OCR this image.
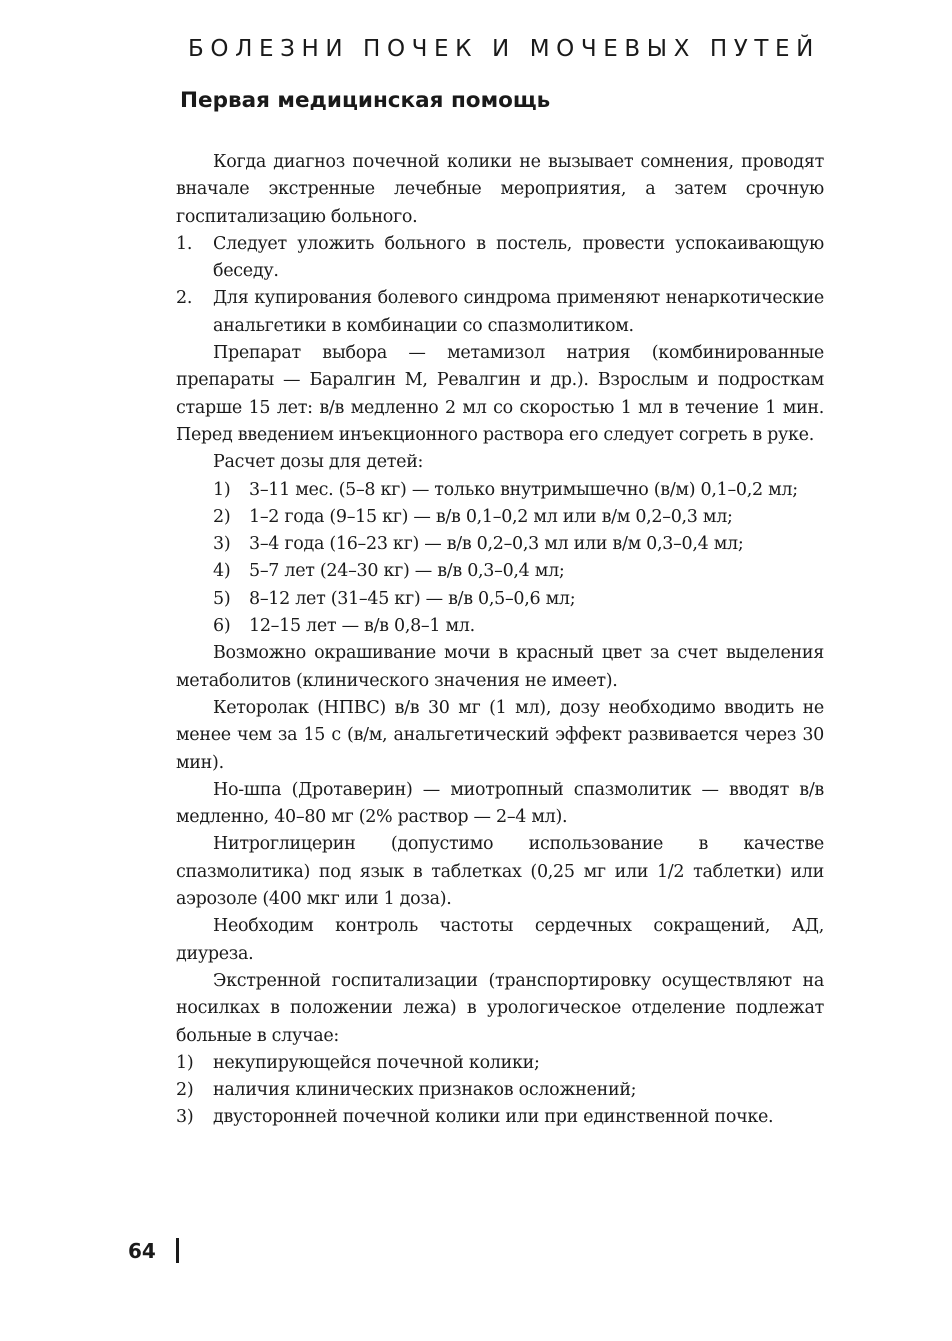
БОЛЕЗНИ ПОЧЕК И МОЧЕВЫХ ПУТЕЙ
Первая медицинская помощь

Когда диагноз почечной колики не вызывает сомнения, проводят вначале экстренные лечебные мероприятия, а затем срочную госпитализацию больного.

1.	Следует уложить больного в постель, провести успокаивающую беседу.
2.	Для купирования болевого синдрома применяют ненаркотические анальгетики в комбинации со спазмолитиком.

Препарат выбора — метамизол натрия (комбинированные препараты — Баралгин М, Ревалгин и др.). Взрослым и подросткам старше 15 лет: в/в медленно 2 мл со скоростью 1 мл в течение 1 мин. Перед введением инъекционного раствора его следует согреть в руке.

Расчет дозы для детей:

1)	3–11 мес. (5–8 кг) — только внутримышечно (в/м) 0,1–0,2 мл;
2)	1–2 года (9–15 кг) — в/в 0,1–0,2 мл или в/м 0,2–0,3 мл;
3)	3–4 года (16–23 кг) — в/в 0,2–0,3 мл или в/м 0,3–0,4 мл;
4)	5–7 лет (24–30 кг) — в/в 0,3–0,4 мл;
5)	8–12 лет (31–45 кг) — в/в 0,5–0,6 мл;
6)	12–15 лет — в/в 0,8–1 мл.

Возможно окрашивание мочи в красный цвет за счет выделения метаболитов (клинического значения не имеет).

Кеторолак (НПВС) в/в 30 мг (1 мл), дозу необходимо вводить не менее чем за 15 с (в/м, анальгетический эффект развивается через 30 мин).

Но-шпа (Дротаверин) — миотропный спазмолитик — вводят в/в медленно, 40–80 мг (2% раствор — 2–4 мл).

Нитроглицерин (допустимо использование в качестве спазмолитика) под язык в таблетках (0,25 мг или 1/2 таблетки) или аэрозоле (400 мкг или 1 доза).

Необходим контроль частоты сердечных сокращений, АД, диуреза.

Экстренной госпитализации (транспортировку осуществляют на носилках в положении лежа) в урологическое отделение подлежат больные в случае:

1)	некупирующейся почечной колики;
2)	наличия клинических признаков осложнений;
3)	двусторонней почечной колики или при единственной почке.
64
